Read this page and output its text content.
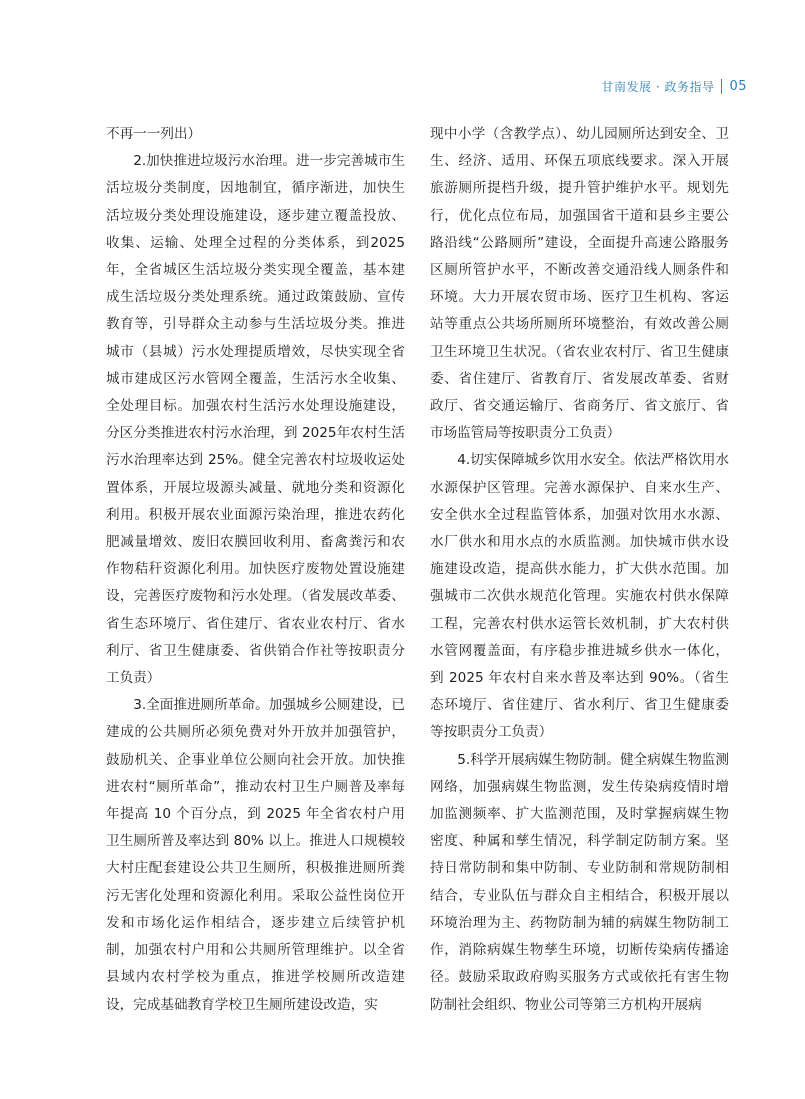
甘南发展 · 政务指导 05

不再一一列出）

2.加快推进垃圾污水治理。进一步完善城市生活垃圾分类制度，因地制宜，循序渐进，加快生活垃圾分类处理设施建设，逐步建立覆盖投放、收集、运输、处理全过程的分类体系，到2025 年，全省城区生活垃圾分类实现全覆盖，基本建成生活垃圾分类处理系统。通过政策鼓励、宣传教育等，引导群众主动参与生活垃圾分类。推进城市（县城）污水处理提质增效，尽快实现全省城市建成区污水管网全覆盖，生活污水全收集、全处理目标。加强农村生活污水处理设施建设，分区分类推进农村污水治理，到 2025年农村生活污水治理率达到 25%。健全完善农村垃圾收运处置体系，开展垃圾源头减量、就地分类和资源化利用。积极开展农业面源污染治理，推进农药化肥减量增效、废旧农膜回收利用、畜禽粪污和农作物秸秆资源化利用。加快医疗废物处置设施建设，完善医疗废物和污水处理。（省发展改革委、省生态环境厅、省住建厅、省农业农村厅、省水利厅、省卫生健康委、省供销合作社等按职责分工负责）

3.全面推进厕所革命。加强城乡公厕建设，已建成的公共厕所必须免费对外开放并加强管护，鼓励机关、企事业单位公厕向社会开放。加快推进农村“厕所革命”，推动农村卫生户厕普及率每年提高 10 个百分点，到 2025 年全省农村户用卫生厕所普及率达到 80% 以上。推进人口规模较大村庄配套建设公共卫生厕所，积极推进厕所粪污无害化处理和资源化利用。采取公益性岗位开发和市场化运作相结合，逐步建立后续管护机制，加强农村户用和公共厕所管理维护。以全省县域内农村学校为重点，推进学校厕所改造建设，完成基础教育学校卫生厕所建设改造，实

现中小学（含教学点）、幼儿园厕所达到安全、卫生、经济、适用、环保五项底线要求。深入开展旅游厕所提档升级，提升管护维护水平。规划先行，优化点位布局，加强国省干道和县乡主要公路沿线“公路厕所”建设，全面提升高速公路服务区厕所管护水平，不断改善交通沿线人厕条件和环境。大力开展农贸市场、医疗卫生机构、客运站等重点公共场所厕所环境整治，有效改善公厕卫生环境卫生状况。（省农业农村厅、省卫生健康委、省住建厅、省教育厅、省发展改革委、省财政厅、省交通运输厅、省商务厅、省文旅厅、省市场监管局等按职责分工负责）

4.切实保障城乡饮用水安全。依法严格饮用水水源保护区管理。完善水源保护、自来水生产、安全供水全过程监管体系，加强对饮用水水源、水厂供水和用水点的水质监测。加快城市供水设施建设改造，提高供水能力，扩大供水范围。加强城市二次供水规范化管理。实施农村供水保障工程，完善农村供水运管长效机制，扩大农村供水管网覆盖面，有序稳步推进城乡供水一体化，到 2025 年农村自来水普及率达到 90%。（省生态环境厅、省住建厅、省水利厅、省卫生健康委等按职责分工负责）

5.科学开展病媒生物防制。健全病媒生物监测网络，加强病媒生物监测，发生传染病疫情时增加监测频率、扩大监测范围，及时掌握病媒生物密度、种属和孳生情况，科学制定防制方案。坚持日常防制和集中防制、专业防制和常规防制相结合，专业队伍与群众自主相结合，积极开展以环境治理为主、药物防制为辅的病媒生物防制工作，消除病媒生物孳生环境，切断传染病传播途径。鼓励采取政府购买服务方式或依托有害生物防制社会组织、物业公司等第三方机构开展病
